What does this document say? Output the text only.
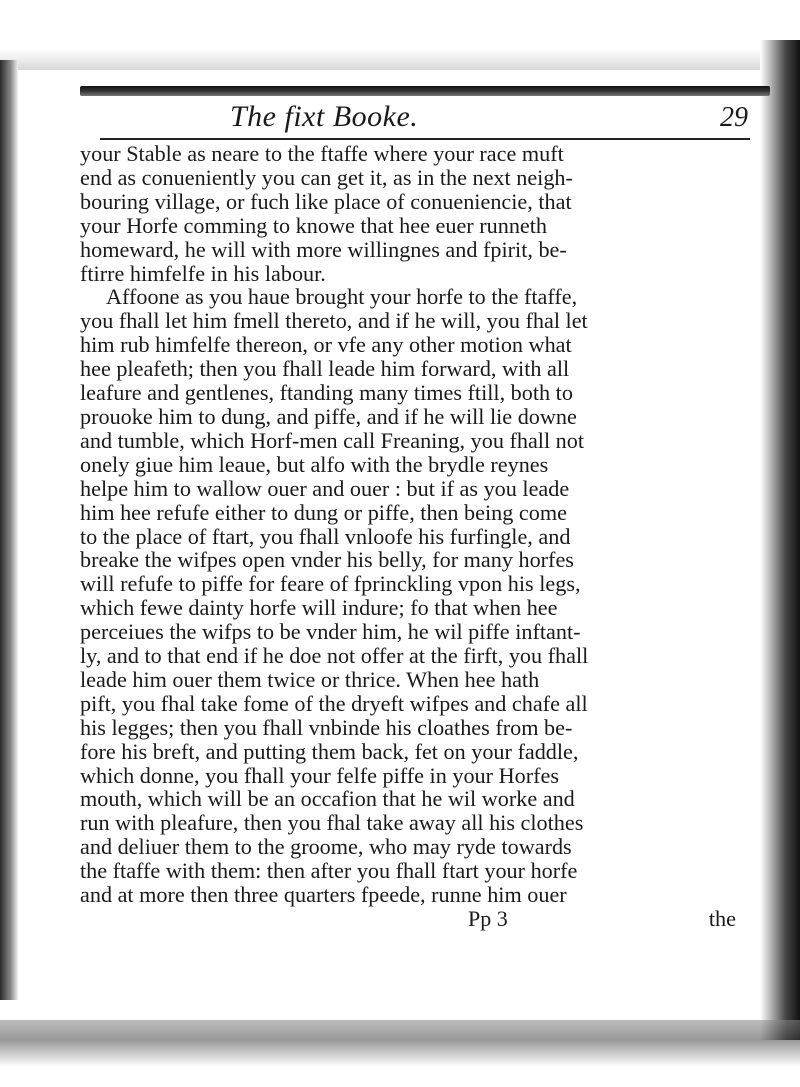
The fixt Booke.	29
your Stable as neare to the ftaffe where your race muft
end as conueniently you can get it, as in the next neigh-
bouring village, or fuch like place of conueniencie, that
your Horfe comming to knowe that hee euer runneth
homeward, he will with more willingnes and fpirit, be-
ftirre himfelfe in his labour.
Affoone as you haue brought your horfe to the ftaffe,
you fhall let him fmell thereto, and if he will, you fhal let
him rub himfelfe thereon, or vfe any other motion what
hee pleafeth; then you fhall leade him forward, with all
leafure and gentlenes, ftanding many times ftill, both to
prouoke him to dung, and piffe, and if he will lie downe
and tumble, which Horf-men call Freaning, you fhall not
onely giue him leaue, but alfo with the brydle reynes
helpe him to wallow ouer and ouer : but if as you leade
him hee refufe either to dung or piffe, then being come
to the place of ftart, you fhall vnloofe his furfingle, and
breake the wifpes open vnder his belly, for many horfes
will refufe to piffe for feare of fprinckling vpon his legs,
which fewe dainty horfe will indure; fo that when hee
perceiues the wifps to be vnder him, he wil piffe inftant-
ly, and to that end if he doe not offer at the firft, you fhall
leade him ouer them twice or thrice. When hee hath
pift, you fhal take fome of the dryeft wifpes and chafe all
his legges; then you fhall vnbinde his cloathes from be-
fore his breft, and putting them back, fet on your faddle,
which donne, you fhall your felfe piffe in your Horfes
mouth, which will be an occafion that he wil worke and
run with pleafure, then you fhal take away all his clothes
and deliuer them to the groome, who may ryde towards
the ftaffe with them: then after you fhall ftart your horfe
and at more then three quarters fpeede, runne him ouer
Pp 3	the
